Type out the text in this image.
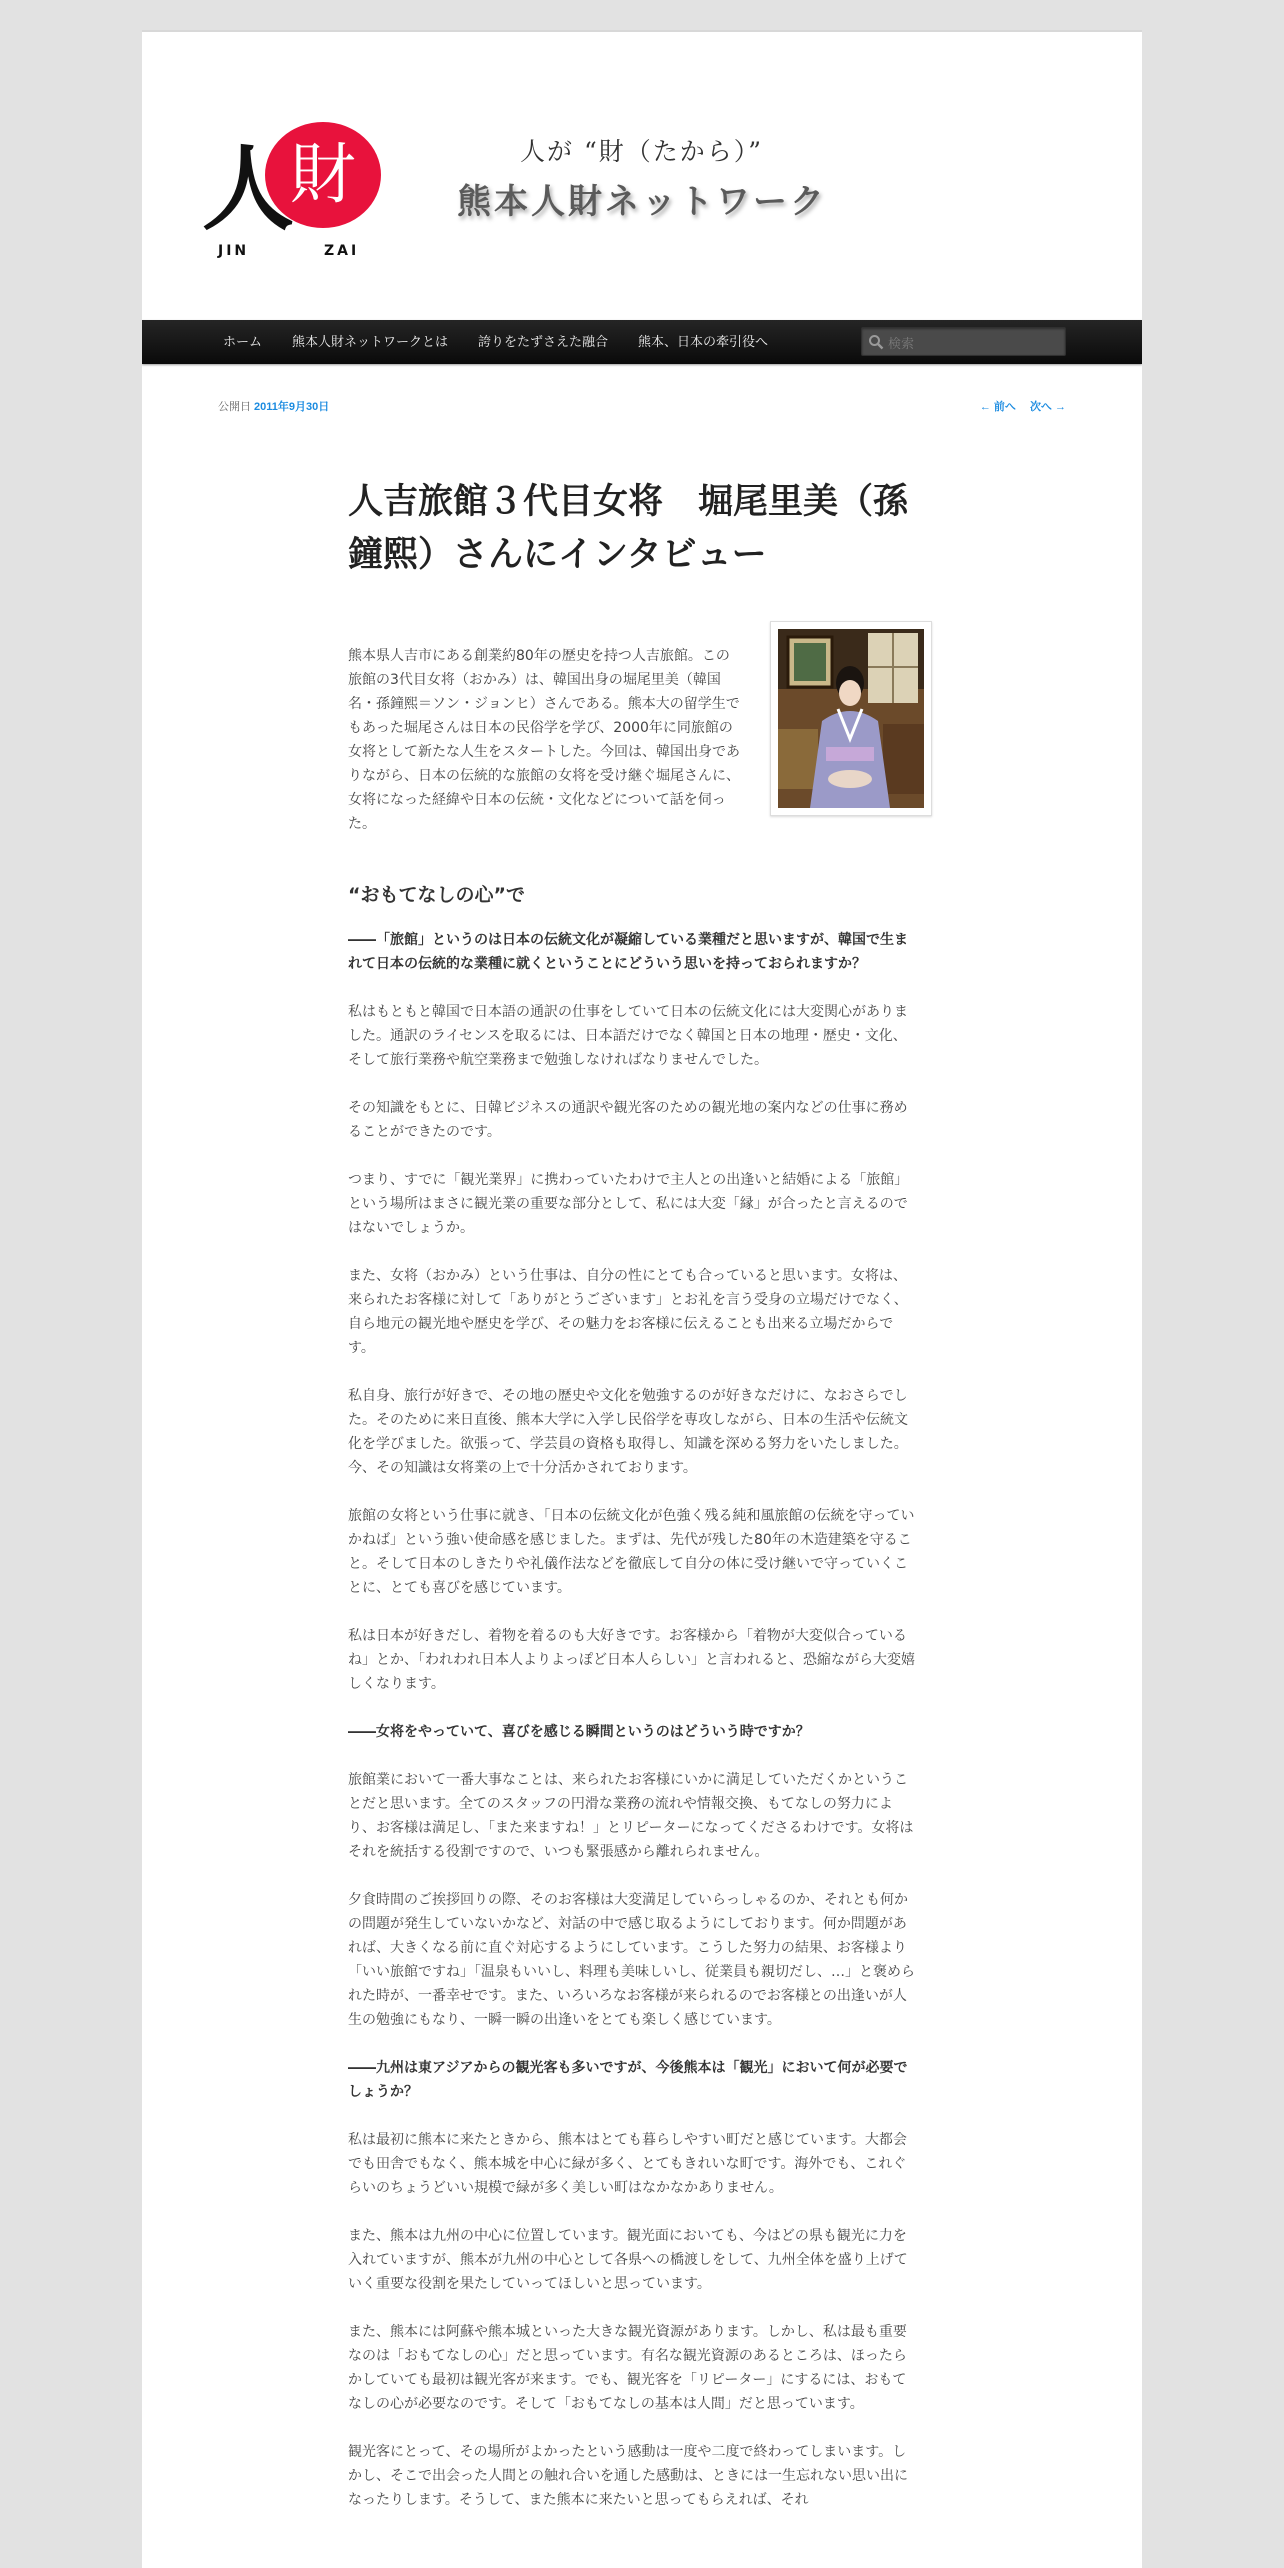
財
人
JIN	ZAI
人が “財（たから）”
熊本人財ネットワーク
ホーム	熊本人財ネットワークとは	誇りをたずさえた融合	熊本、日本の牽引役へ	検索
公開日 2011年9月30日	← 前へ 次へ →
人吉旅館３代目女将　堀尾里美（孫鐘熙）さんにインタビュー

熊本県人吉市にある創業約80年の歴史を持つ人吉旅館。この旅館の3代目女将（おかみ）は、韓国出身の堀尾里美（韓国名・孫鐘熙＝ソン・ジョンヒ）さんである。熊本大の留学生でもあった堀尾さんは日本の民俗学を学び、2000年に同旅館の女将として新たな人生をスタートした。今回は、韓国出身でありながら、日本の伝統的な旅館の女将を受け継ぐ堀尾さんに、女将になった経緯や日本の伝統・文化などについて話を伺った。

“おもてなしの心”で

――「旅館」というのは日本の伝統文化が凝縮している業種だと思いますが、韓国で生まれて日本の伝統的な業種に就くということにどういう思いを持っておられますか？

私はもともと韓国で日本語の通訳の仕事をしていて日本の伝統文化には大変関心がありました。通訳のライセンスを取るには、日本語だけでなく韓国と日本の地理・歴史・文化、そして旅行業務や航空業務まで勉強しなければなりませんでした。

その知識をもとに、日韓ビジネスの通訳や観光客のための観光地の案内などの仕事に務めることができたのです。

つまり、すでに「観光業界」に携わっていたわけで主人との出逢いと結婚による「旅館」という場所はまさに観光業の重要な部分として、私には大変「縁」が合ったと言えるのではないでしょうか。

また、女将（おかみ）という仕事は、自分の性にとても合っていると思います。女将は、来られたお客様に対して「ありがとうございます」とお礼を言う受身の立場だけでなく、自ら地元の観光地や歴史を学び、その魅力をお客様に伝えることも出来る立場だからです。

私自身、旅行が好きで、その地の歴史や文化を勉強するのが好きなだけに、なおさらでした。そのために来日直後、熊本大学に入学し民俗学を専攻しながら、日本の生活や伝統文化を学びました。欲張って、学芸員の資格も取得し、知識を深める努力をいたしました。今、その知識は女将業の上で十分活かされております。

旅館の女将という仕事に就き、「日本の伝統文化が色強く残る純和風旅館の伝統を守っていかねば」という強い使命感を感じました。まずは、先代が残した80年の木造建築を守ること。そして日本のしきたりや礼儀作法などを徹底して自分の体に受け継いで守っていくことに、とても喜びを感じています。

私は日本が好きだし、着物を着るのも大好きです。お客様から「着物が大変似合っているね」とか、「われわれ日本人よりよっぽど日本人らしい」と言われると、恐縮ながら大変嬉しくなります。

――女将をやっていて、喜びを感じる瞬間というのはどういう時ですか？

旅館業において一番大事なことは、来られたお客様にいかに満足していただくかということだと思います。全てのスタッフの円滑な業務の流れや情報交換、もてなしの努力により、お客様は満足し、「また来ますね！」とリピーターになってくださるわけです。女将はそれを統括する役割ですので、いつも緊張感から離れられません。

夕食時間のご挨拶回りの際、そのお客様は大変満足していらっしゃるのか、それとも何かの問題が発生していないかなど、対話の中で感じ取るようにしております。何か問題があれば、大きくなる前に直ぐ対応するようにしています。こうした努力の結果、お客様より「いい旅館ですね」「温泉もいいし、料理も美味しいし、従業員も親切だし、…」と褒められた時が、一番幸せです。また、いろいろなお客様が来られるのでお客様との出逢いが人生の勉強にもなり、一瞬一瞬の出逢いをとても楽しく感じています。

――九州は東アジアからの観光客も多いですが、今後熊本は「観光」において何が必要でしょうか？

私は最初に熊本に来たときから、熊本はとても暮らしやすい町だと感じています。大都会でも田舎でもなく、熊本城を中心に緑が多く、とてもきれいな町です。海外でも、これぐらいのちょうどいい規模で緑が多く美しい町はなかなかありません。

また、熊本は九州の中心に位置しています。観光面においても、今はどの県も観光に力を入れていますが、熊本が九州の中心として各県への橋渡しをして、九州全体を盛り上げていく重要な役割を果たしていってほしいと思っています。

また、熊本には阿蘇や熊本城といった大きな観光資源があります。しかし、私は最も重要なのは「おもてなしの心」だと思っています。有名な観光資源のあるところは、ほったらかしていても最初は観光客が来ます。でも、観光客を「リピーター」にするには、おもてなしの心が必要なのです。そして「おもてなしの基本は人間」だと思っています。

観光客にとって、その場所がよかったという感動は一度や二度で終わってしまいます。しかし、そこで出会った人間との触れ合いを通した感動は、ときには一生忘れない思い出になったりします。そうして、また熊本に来たいと思ってもらえれば、それ
